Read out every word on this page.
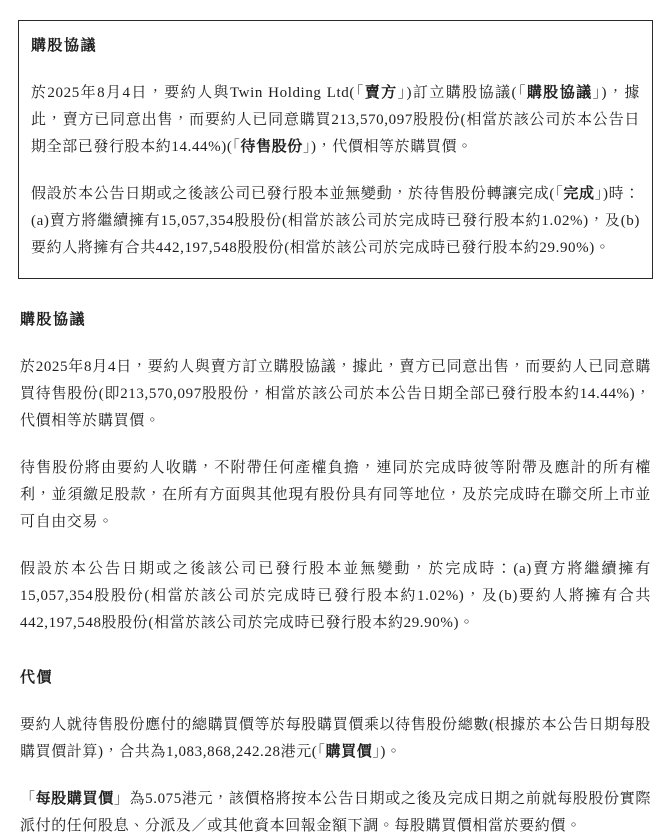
購股協議

於2025年8月4日，要約人與Twin Holding Ltd(「賣方」)訂立購股協議(「購股協議」)，據此，賣方已同意出售，而要約人已同意購買213,570,097股股份(相當於該公司於本公告日期全部已發行股本約14.44%)(「待售股份」)，代價相等於購買價。

假設於本公告日期或之後該公司已發行股本並無變動，於待售股份轉讓完成(「完成」)時：(a)賣方將繼續擁有15,057,354股股份(相當於該公司於完成時已發行股本約1.02%)，及(b)要約人將擁有合共442,197,548股股份(相當於該公司於完成時已發行股本約29.90%)。

購股協議

於2025年8月4日，要約人與賣方訂立購股協議，據此，賣方已同意出售，而要約人已同意購買待售股份(即213,570,097股股份，相當於該公司於本公告日期全部已發行股本約14.44%)，代價相等於購買價。

待售股份將由要約人收購，不附帶任何產權負擔，連同於完成時彼等附帶及應計的所有權利，並須繳足股款，在所有方面與其他現有股份具有同等地位，及於完成時在聯交所上市並可自由交易。

假設於本公告日期或之後該公司已發行股本並無變動，於完成時：(a)賣方將繼續擁有15,057,354股股份(相當於該公司於完成時已發行股本約1.02%)，及(b)要約人將擁有合共442,197,548股股份(相當於該公司於完成時已發行股本約29.90%)。

代價

要約人就待售股份應付的總購買價等於每股購買價乘以待售股份總數(根據於本公告日期每股購買價計算)，合共為1,083,868,242.28港元(「購買價」)。

「每股購買價」為5.075港元，該價格將按本公告日期或之後及完成日期之前就每股股份實際派付的任何股息、分派及／或其他資本回報金額下調。每股購買價相當於要約價。
